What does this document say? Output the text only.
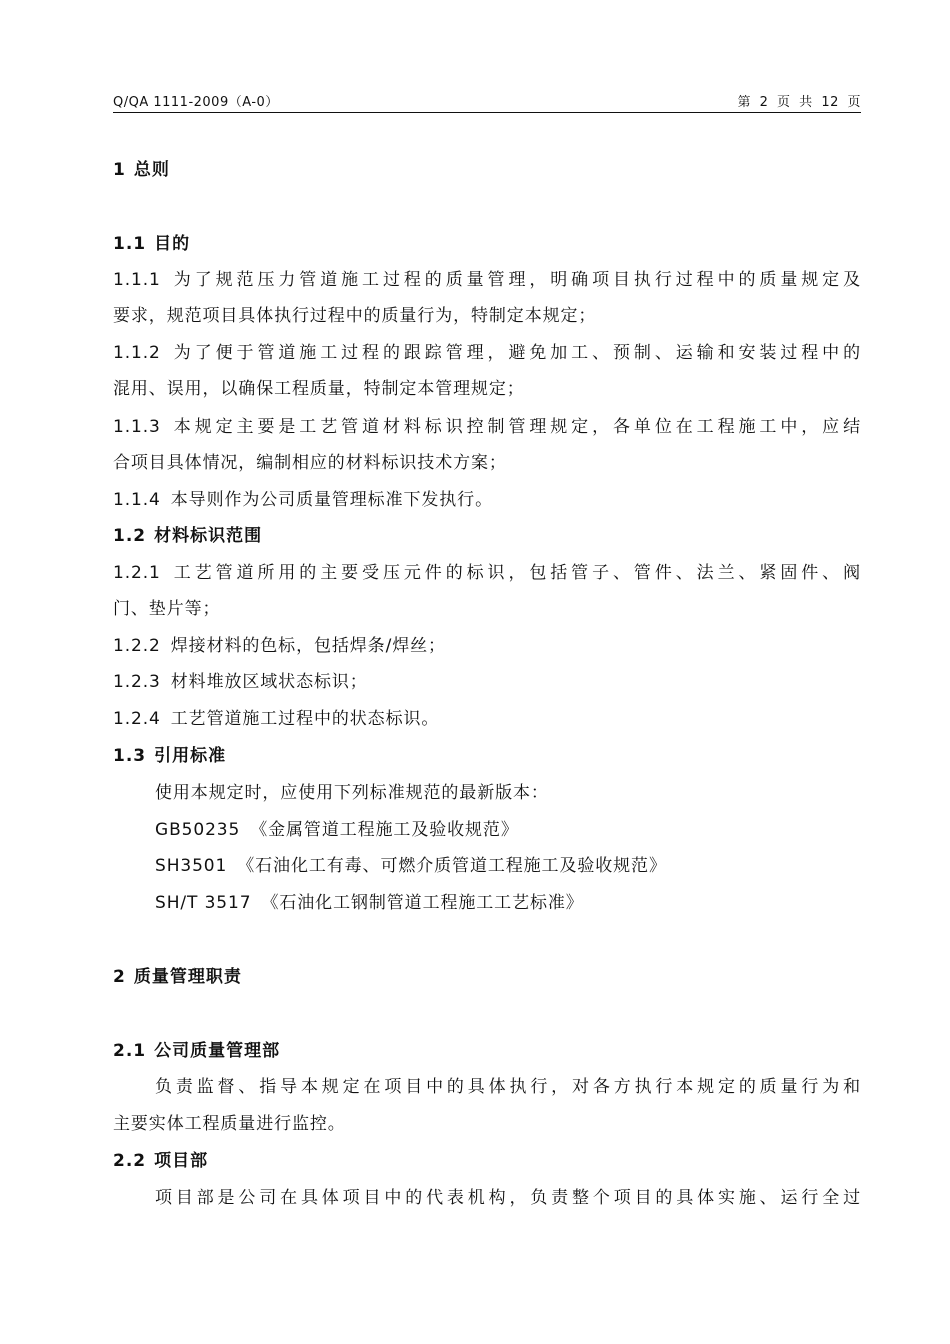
Q/QA 1111-2009（A-0）	第 2 页 共 12 页
1 总则
1.1 目的
1.1.1 为了规范压力管道施工过程的质量管理，明确项目执行过程中的质量规定及
要求，规范项目具体执行过程中的质量行为，特制定本规定；
1.1.2 为了便于管道施工过程的跟踪管理，避免加工、预制、运输和安装过程中的
混用、误用，以确保工程质量，特制定本管理规定；
1.1.3 本规定主要是工艺管道材料标识控制管理规定，各单位在工程施工中，应结
合项目具体情况，编制相应的材料标识技术方案；
1.1.4 本导则作为公司质量管理标准下发执行。
1.2 材料标识范围
1.2.1 工艺管道所用的主要受压元件的标识，包括管子、管件、法兰、紧固件、阀
门、垫片等；
1.2.2 焊接材料的色标，包括焊条/焊丝；
1.2.3 材料堆放区域状态标识；
1.2.4 工艺管道施工过程中的状态标识。
1.3 引用标准
使用本规定时，应使用下列标准规范的最新版本：
GB50235 《金属管道工程施工及验收规范》
SH3501 《石油化工有毒、可燃介质管道工程施工及验收规范》
SH/T 3517 《石油化工钢制管道工程施工工艺标准》
2 质量管理职责
2.1 公司质量管理部
负责监督、指导本规定在项目中的具体执行，对各方执行本规定的质量行为和
主要实体工程质量进行监控。
2.2 项目部
项目部是公司在具体项目中的代表机构，负责整个项目的具体实施、运行全过
